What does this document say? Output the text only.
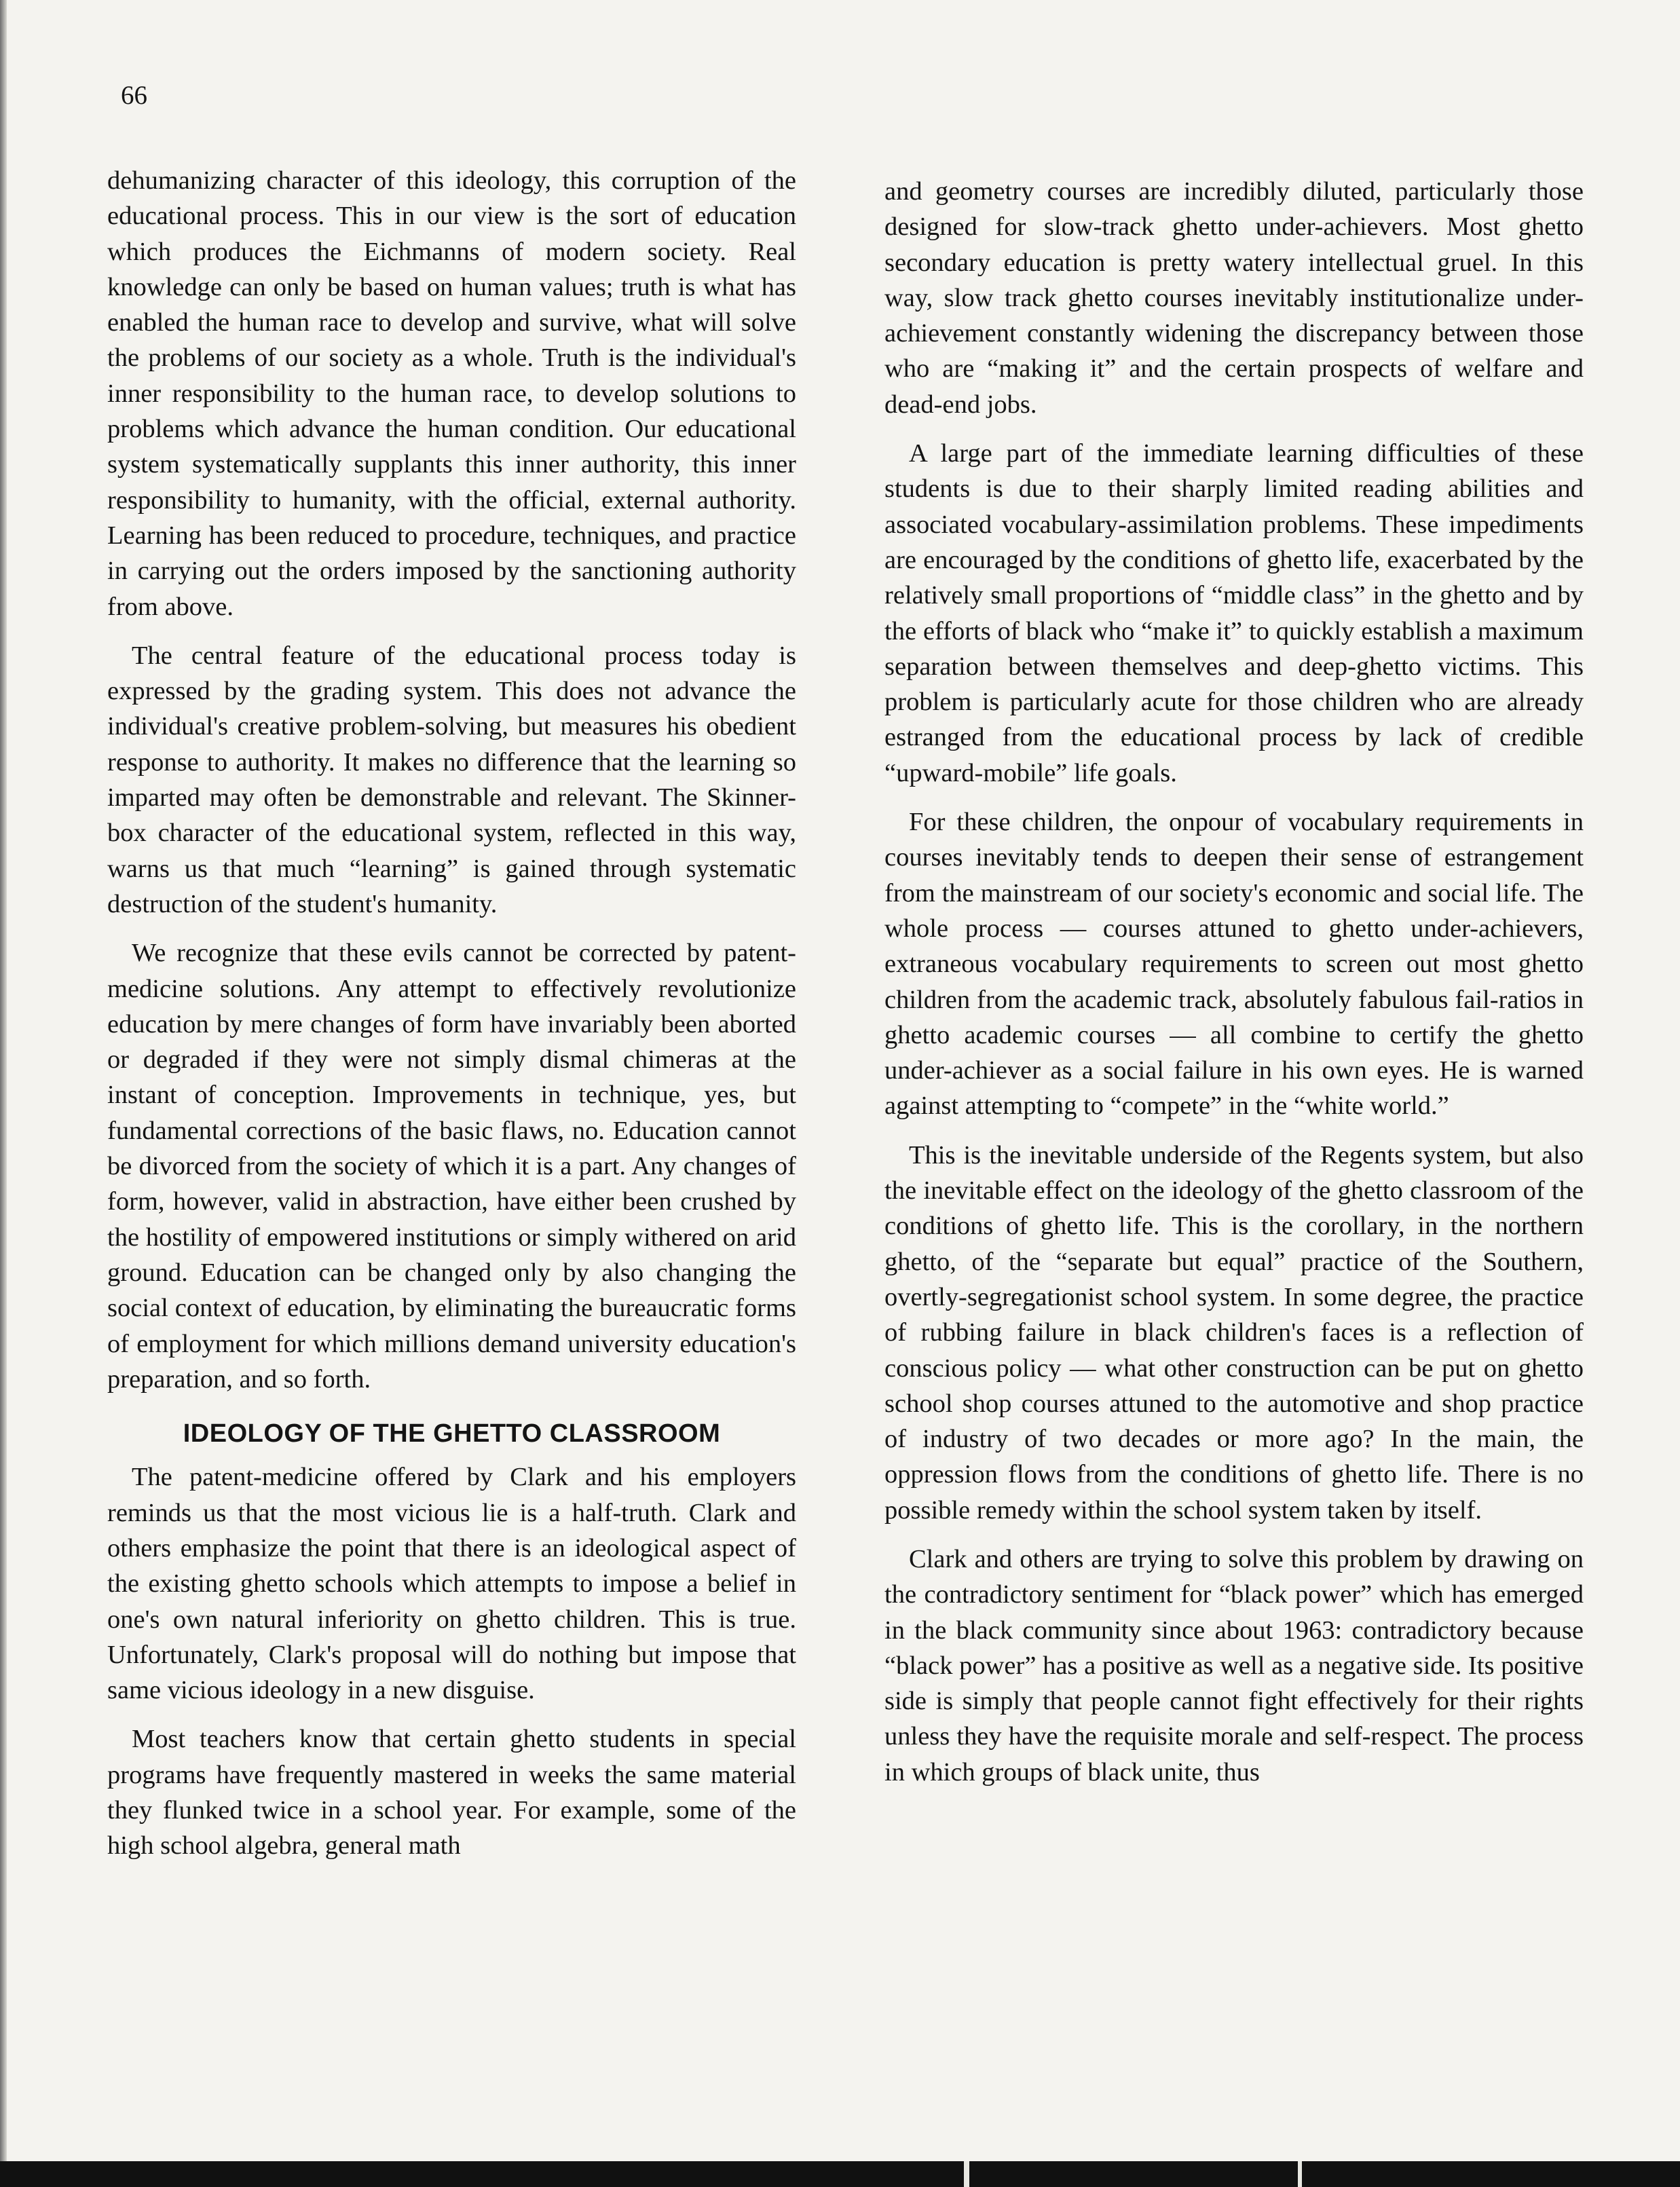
66

dehumanizing character of this ideology, this corruption of the educational process. This in our view is the sort of education which produces the Eichmanns of modern society. Real knowledge can only be based on human values; truth is what has enabled the human race to develop and survive, what will solve the problems of our society as a whole. Truth is the individual's inner responsibility to the human race, to develop solutions to problems which advance the human condition. Our educational system systematically supplants this inner authority, this inner responsibility to humanity, with the official, external authority. Learning has been reduced to procedure, techniques, and practice in carrying out the orders imposed by the sanctioning authority from above.

The central feature of the educational process today is expressed by the grading system. This does not advance the individual's creative problem-solving, but measures his obedient response to authority. It makes no difference that the learning so imparted may often be demonstrable and relevant. The Skinner-box character of the educational system, reflected in this way, warns us that much “learning” is gained through systematic destruction of the student's humanity.

We recognize that these evils cannot be corrected by patent-medicine solutions. Any attempt to effectively revolutionize education by mere changes of form have invariably been aborted or degraded if they were not simply dismal chimeras at the instant of conception. Improvements in technique, yes, but fundamental corrections of the basic flaws, no. Education cannot be divorced from the society of which it is a part. Any changes of form, however, valid in abstraction, have either been crushed by the hostility of empowered institutions or simply withered on arid ground. Education can be changed only by also changing the social context of education, by eliminating the bureaucratic forms of employment for which millions demand university education's preparation, and so forth.

IDEOLOGY OF THE GHETTO CLASSROOM

The patent-medicine offered by Clark and his employers reminds us that the most vicious lie is a half-truth. Clark and others emphasize the point that there is an ideological aspect of the existing ghetto schools which attempts to impose a belief in one's own natural inferiority on ghetto children. This is true. Unfortunately, Clark's proposal will do nothing but impose that same vicious ideology in a new disguise.

Most teachers know that certain ghetto students in special programs have frequently mastered in weeks the same material they flunked twice in a school year. For example, some of the high school algebra, general math

and geometry courses are incredibly diluted, particularly those designed for slow-track ghetto under-achievers. Most ghetto secondary education is pretty watery intellectual gruel. In this way, slow track ghetto courses inevitably institutionalize under-achievement constantly widening the discrepancy between those who are “making it” and the certain prospects of welfare and dead-end jobs.

A large part of the immediate learning difficulties of these students is due to their sharply limited reading abilities and associated vocabulary-assimilation problems. These impediments are encouraged by the conditions of ghetto life, exacerbated by the relatively small proportions of “middle class” in the ghetto and by the efforts of black who “make it” to quickly establish a maximum separation between themselves and deep-ghetto victims. This problem is particularly acute for those children who are already estranged from the educational process by lack of credible “upward-mobile” life goals.

For these children, the onpour of vocabulary requirements in courses inevitably tends to deepen their sense of estrangement from the mainstream of our society's economic and social life. The whole process — courses attuned to ghetto under-achievers, extraneous vocabulary requirements to screen out most ghetto children from the academic track, absolutely fabulous fail-ratios in ghetto academic courses — all combine to certify the ghetto under-achiever as a social failure in his own eyes. He is warned against attempting to “compete” in the “white world.”

This is the inevitable underside of the Regents system, but also the inevitable effect on the ideology of the ghetto classroom of the conditions of ghetto life. This is the corollary, in the northern ghetto, of the “separate but equal” practice of the Southern, overtly-segregationist school system. In some degree, the practice of rubbing failure in black children's faces is a reflection of conscious policy — what other construction can be put on ghetto school shop courses attuned to the automotive and shop practice of industry of two decades or more ago? In the main, the oppression flows from the conditions of ghetto life. There is no possible remedy within the school system taken by itself.

Clark and others are trying to solve this problem by drawing on the contradictory sentiment for “black power” which has emerged in the black community since about 1963: contradictory because “black power” has a positive as well as a negative side. Its positive side is simply that people cannot fight effectively for their rights unless they have the requisite morale and self-respect. The process in which groups of black unite, thus
